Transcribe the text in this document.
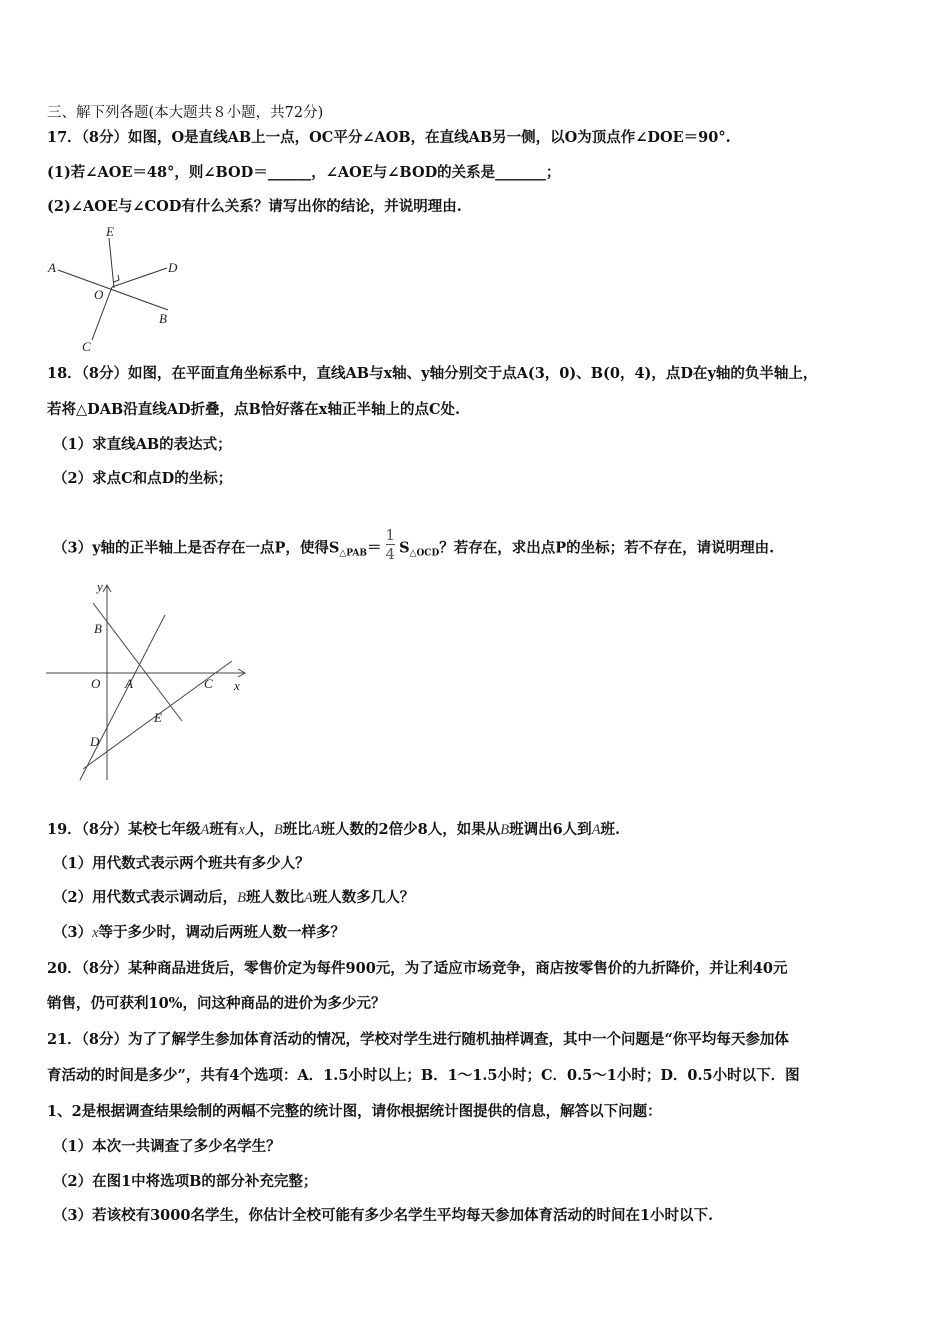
三、解下列各题(本大题共８小题，共72分)
17．（8分）如图，O是直线AB上一点，OC平分∠AOB，在直线AB另一侧，以O为顶点作∠DOE＝90°.
(1)若∠AOE＝48°，则∠BOD＝______，∠AOE与∠BOD的关系是_______；
(2)∠AOE与∠COD有什么关系？请写出你的结论，并说明理由.
A
E
D
O
B
C
18．（8分）如图，在平面直角坐标系中，直线AB与x轴、y轴分别交于点A(3，0)、B(0，4)，点D在y轴的负半轴上，
若将△DAB沿直线AD折叠，点B恰好落在x轴正半轴上的点C处.
（1）求直线AB的表达式；
（2）求点C和点D的坐标；
（3）y轴的正半轴上是否存在一点P，使得$S_{\triangle PAB}= \frac{1}{4} S_{\triangle OCD}$？若存在，求出点P的坐标；若不存在，请说明理由.
y
x
B
O A	C
E
D
19．（8分）某校七年级A班有x人，B班比A班人数的2倍少8人，如果从B班调出6人到A班.
（1）用代数式表示两个班共有多少人？
（2）用代数式表示调动后，B班人数比A班人数多几人？
（3）x等于多少时，调动后两班人数一样多？
20．（8分）某种商品进货后，零售价定为每件900元，为了适应市场竞争，商店按零售价的九折降价，并让利40元
销售，仍可获利10%，问这种商品的进价为多少元？
21．（8分）为了了解学生参加体育活动的情况，学校对学生进行随机抽样调查，其中一个问题是“你平均每天参加体
育活动的时间是多少”，共有4个选项：A．1.5小时以上；B．1～1.5小时；C．0.5～1小时；D．0.5小时以下．图
1、2是根据调查结果绘制的两幅不完整的统计图，请你根据统计图提供的信息，解答以下问题：
（1）本次一共调查了多少名学生？
（2）在图1中将选项B的部分补充完整；
（3）若该校有3000名学生，你估计全校可能有多少名学生平均每天参加体育活动的时间在1小时以下.
